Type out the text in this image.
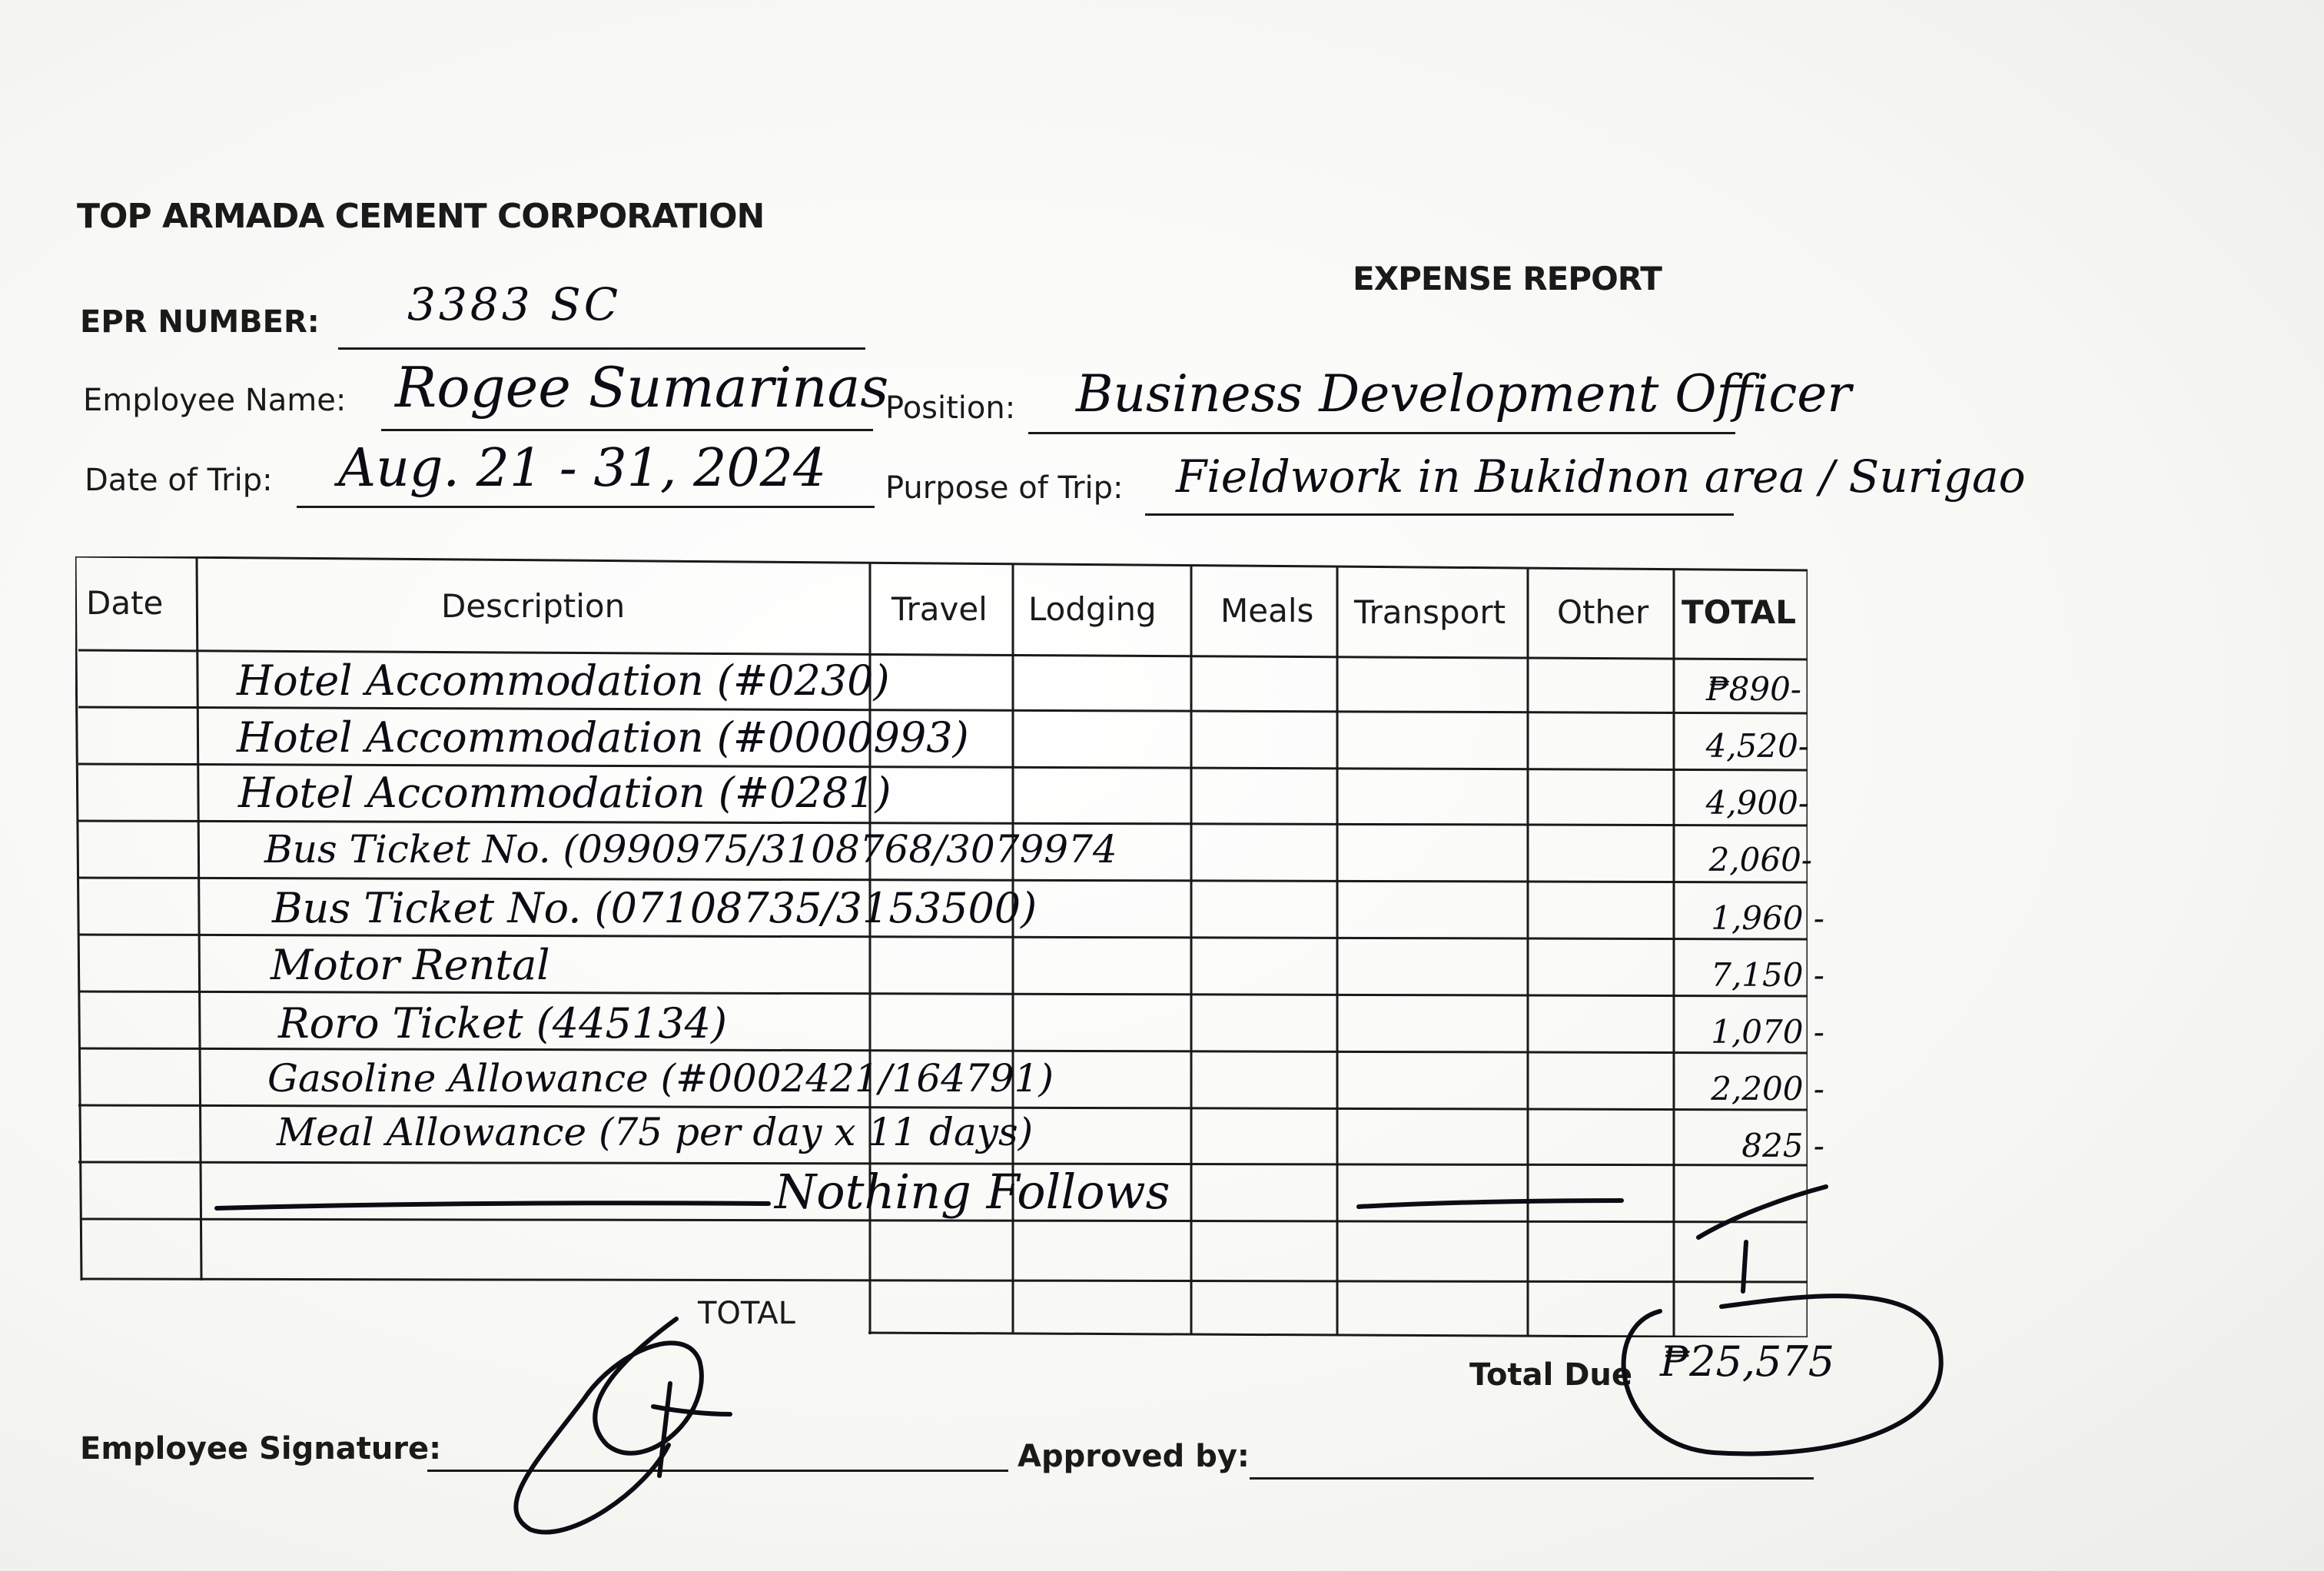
TOP ARMADA CEMENT CORPORATION
EXPENSE REPORT
EPR NUMBER: 3383 SC
Employee Name: Rogee Sumarinas
Position: Business Development Officer
Date of Trip: Aug. 21 - 31, 2024 Purpose of Trip: Fieldwork in Bukidnon area / Surigao
Date	Description	Travel Lodging Meals Transport Other TOTAL
Hotel Accommodation (#0230)	₱890-
Hotel Accommodation (#0000993)	4,520-
Hotel Accommodation (#0281)	4,900-
Bus Ticket No. (0990975/3108768/3079974	2,060-
Bus Ticket No. (07108735/3153500)	1,960 -
Motor Rental	7,150 -
Roro Ticket (445134)	1,070 -
Gasoline Allowance (#0002421/164791)	2,200 -
Meal Allowance (75 per day x 11 days)	825 -
Nothing Follows
TOTAL
Total Due ₱25,575
Employee Signature:	Approved by:
